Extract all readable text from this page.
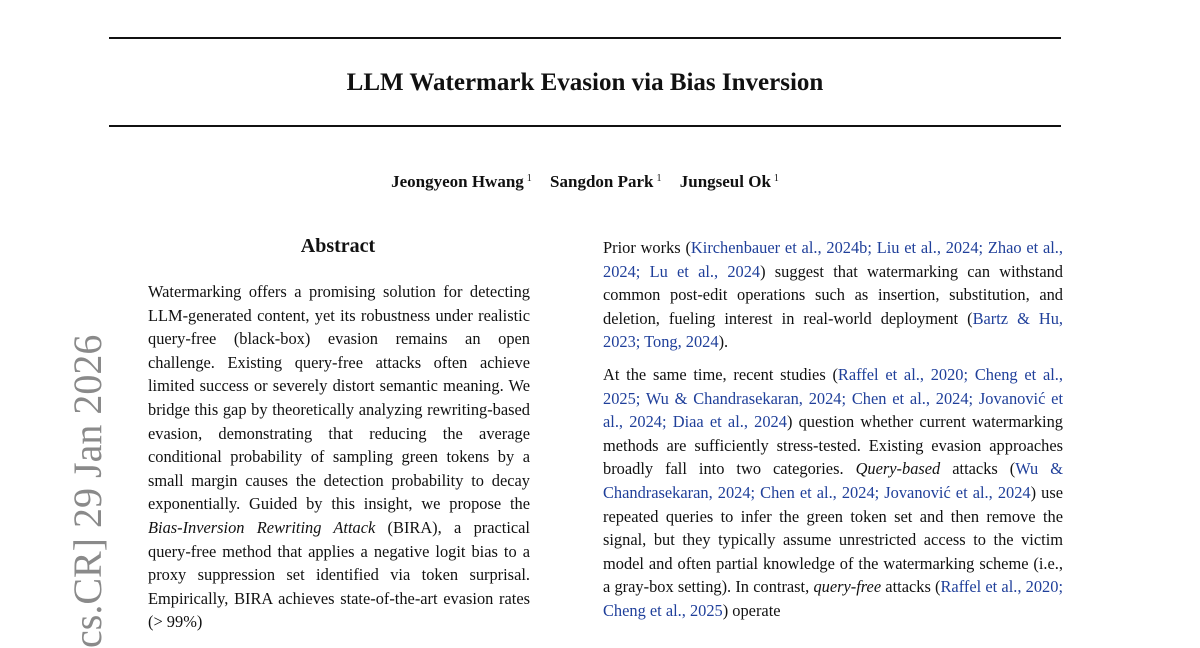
LLM Watermark Evasion via Bias Inversion
Jeongyeon Hwang $^1$ Sangdon Park $^1$ Jungseul Ok $^1$
cs.CR] 29 Jan 2026
Abstract
Watermarking offers a promising solution for detecting LLM-generated content, yet its robustness under realistic query-free (black-box) evasion remains an open challenge. Existing query-free attacks often achieve limited success or severely distort semantic meaning. We bridge this gap by theoretically analyzing rewriting-based evasion, demonstrating that reducing the average conditional probability of sampling green tokens by a small margin causes the detection probability to decay exponentially. Guided by this insight, we propose the Bias-Inversion Rewriting Attack (BIRA), a practical query-free method that applies a negative logit bias to a proxy suppression set identified via token surprisal. Empirically, BIRA achieves state-of-the-art evasion rates (> 99%)

Prior works (Kirchenbauer et al., 2024b; Liu et al., 2024; Zhao et al., 2024; Lu et al., 2024) suggest that watermarking can withstand common post-edit operations such as insertion, substitution, and deletion, fueling interest in real-world deployment (Bartz & Hu, 2023; Tong, 2024).

At the same time, recent studies (Raffel et al., 2020; Cheng et al., 2025; Wu & Chandrasekaran, 2024; Chen et al., 2024; Jovanović et al., 2024; Diaa et al., 2024) question whether current watermarking methods are sufficiently stress-tested. Existing evasion approaches broadly fall into two categories. Query-based attacks (Wu & Chandrasekaran, 2024; Chen et al., 2024; Jovanović et al., 2024) use repeated queries to infer the green token set and then remove the signal, but they typically assume unrestricted access to the victim model and often partial knowledge of the watermarking scheme (i.e., a gray-box setting). In contrast, query-free attacks (Raffel et al., 2020; Cheng et al., 2025) operate
